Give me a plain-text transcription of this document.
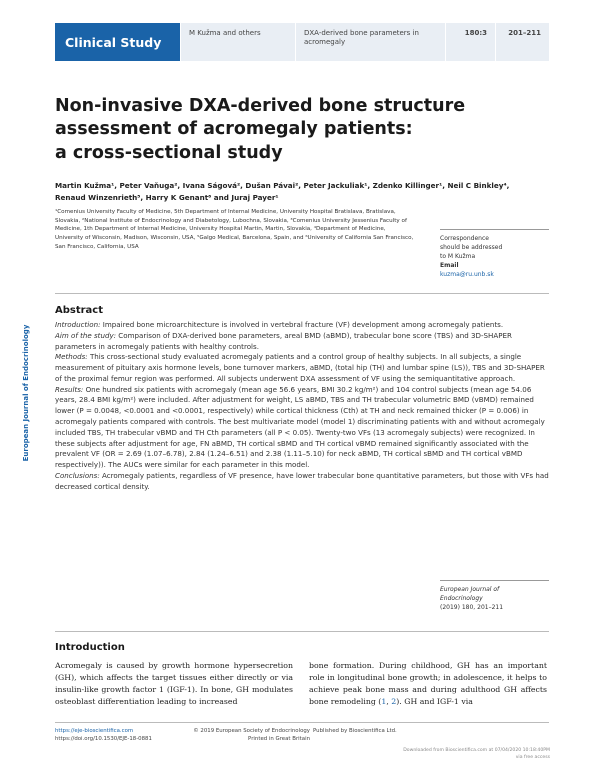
Clinical Study
M Kužma and others	DXA-derived bone parameters in acromegaly
180:3	201–211
European Journal of Endocrinology
Non-invasive DXA-derived bone structure
assessment of acromegaly patients:
a cross-sectional study
Martin Kužma¹, Peter Vaňuga², Ivana Ságová², Dušan Pávai², Peter Jackuliak¹, Zdenko Killinger¹, Neil C Binkley⁴,
Renaud Winzenrieth⁵, Harry K Genant⁶ and Juraj Payer¹
¹Comenius University Faculty of Medicine, 5th Department of Internal Medicine, University Hospital Bratislava, Bratislava, Slovakia, ²National Institute of Endocrinology and Diabetology, Lubochna, Slovakia, ³Comenius University Jessenius Faculty of Medicine, 1th Department of Internal Medicine, University Hospital Martin, Martin, Slovakia, ⁴Department of Medicine, University of Wisconsin, Madison, Wisconsin, USA, ⁵Galgo Medical, Barcelona, Spain, and ⁶University of California San Francisco, San Francisco, California, USA
Correspondence
should be addressed
to M Kužma
Email
kuzma@ru.unb.sk
Abstract

Introduction: Impaired bone microarchitecture is involved in vertebral fracture (VF) development among acromegaly patients.

Aim of the study: Comparison of DXA-derived bone parameters, areal BMD (aBMD), trabecular bone score (TBS) and 3D-SHAPER parameters in acromegaly patients with healthy controls.

Methods: This cross-sectional study evaluated acromegaly patients and a control group of healthy subjects. In all subjects, a single measurement of pituitary axis hormone levels, bone turnover markers, aBMD, (total hip (TH) and lumbar spine (LS)), TBS and 3D-SHAPER of the proximal femur region was performed. All subjects underwent DXA assessment of VF using the semiquantitative approach.

Results: One hundred six patients with acromegaly (mean age 56.6 years, BMI 30.2 kg/m²) and 104 control subjects (mean age 54.06 years, 28.4 BMI kg/m²) were included. After adjustment for weight, LS aBMD, TBS and TH trabecular volumetric BMD (vBMD) remained lower (P = 0.0048, <0.0001 and <0.0001, respectively) while cortical thickness (Cth) at TH and neck remained thicker (P = 0.006) in acromegaly patients compared with controls. The best multivariate model (model 1) discriminating patients with and without acromegaly included TBS, TH trabecular vBMD and TH Cth parameters (all P < 0.05). Twenty-two VFs (13 acromegaly subjects) were recognized. In these subjects after adjustment for age, FN aBMD, TH cortical sBMD and TH cortical vBMD remained significantly associated with the prevalent VF (OR = 2.69 (1.07–6.78), 2.84 (1.24–6.51) and 2.38 (1.11–5.10) for neck aBMD, TH cortical sBMD and TH cortical vBMD respectively)). The AUCs were similar for each parameter in this model.

Conclusions: Acromegaly patients, regardless of VF presence, have lower trabecular bone quantitative parameters, but those with VFs had decreased cortical density.

European Journal of
Endocrinology
(2019) 180, 201–211
Introduction
Acromegaly is caused by growth hormone hypersecretion (GH), which affects the target tissues either directly or via insulin-like growth factor 1 (IGF-1). In bone, GH modulates osteoblast differentiation leading to increased
bone formation. During childhood, GH has an important role in longitudinal bone growth; in adolescence, it helps to achieve peak bone mass and during adulthood GH affects bone remodeling (1, 2). GH and IGF-1 via
https://eje-bioscientifica.com
https://doi.org/10.1530/EJE-18-0881
© 2019 European Society of Endocrinology
Printed in Great Britain
Published by Bioscientifica Ltd.
Downloaded from Bioscientifica.com at 07/04/2020 10:18:40PM
via free access
